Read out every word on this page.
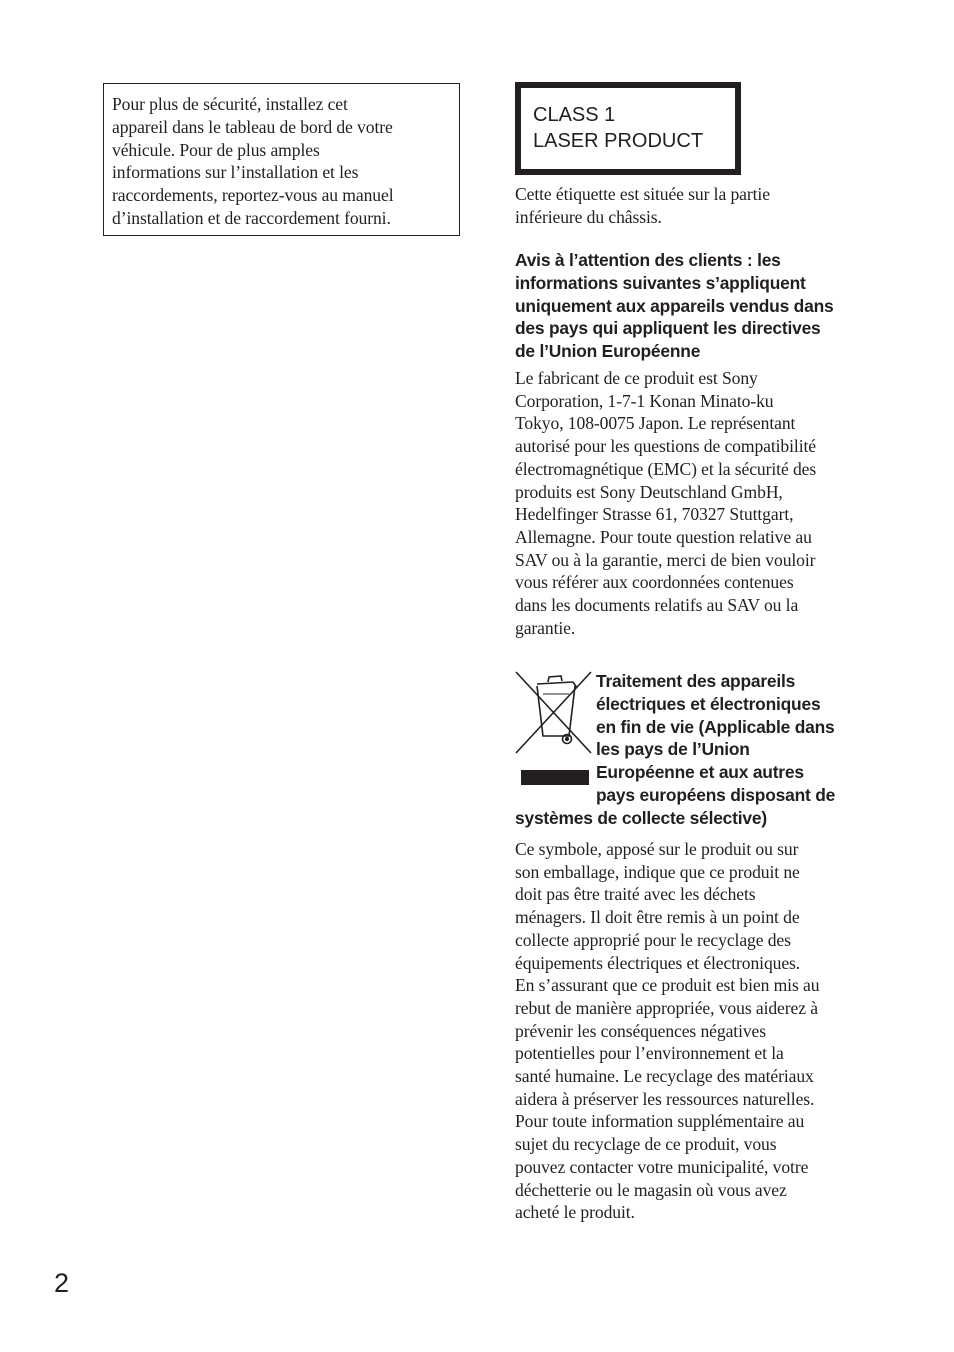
Pour plus de sécurité, installez cet
appareil dans le tableau de bord de votre
véhicule. Pour de plus amples
informations sur l’installation et les
raccordements, reportez-vous au manuel
d’installation et de raccordement fourni.
CLASS 1
LASER PRODUCT
Cette étiquette est située sur la partie
inférieure du châssis.
Avis à l’attention des clients : les
informations suivantes s’appliquent
uniquement aux appareils vendus dans
des pays qui appliquent les directives
de l’Union Européenne
Le fabricant de ce produit est Sony
Corporation, 1-7-1 Konan Minato-ku
Tokyo, 108-0075 Japon. Le représentant
autorisé pour les questions de compatibilité
électromagnétique (EMC) et la sécurité des
produits est Sony Deutschland GmbH,
Hedelfinger Strasse 61, 70327 Stuttgart,
Allemagne. Pour toute question relative au
SAV ou à la garantie, merci de bien vouloir
vous référer aux coordonnées contenues
dans les documents relatifs au SAV ou la
garantie.
Traitement des appareils
électriques et électroniques
en fin de vie (Applicable dans
les pays de l’Union
Européenne et aux autres
pays européens disposant de
systèmes de collecte sélective)
Ce symbole, apposé sur le produit ou sur
son emballage, indique que ce produit ne
doit pas être traité avec les déchets
ménagers. Il doit être remis à un point de
collecte approprié pour le recyclage des
équipements électriques et électroniques.
En s’assurant que ce produit est bien mis au
rebut de manière appropriée, vous aiderez à
prévenir les conséquences négatives
potentielles pour l’environnement et la
santé humaine. Le recyclage des matériaux
aidera à préserver les ressources naturelles.
Pour toute information supplémentaire au
sujet du recyclage de ce produit, vous
pouvez contacter votre municipalité, votre
déchetterie ou le magasin où vous avez
acheté le produit.
2
